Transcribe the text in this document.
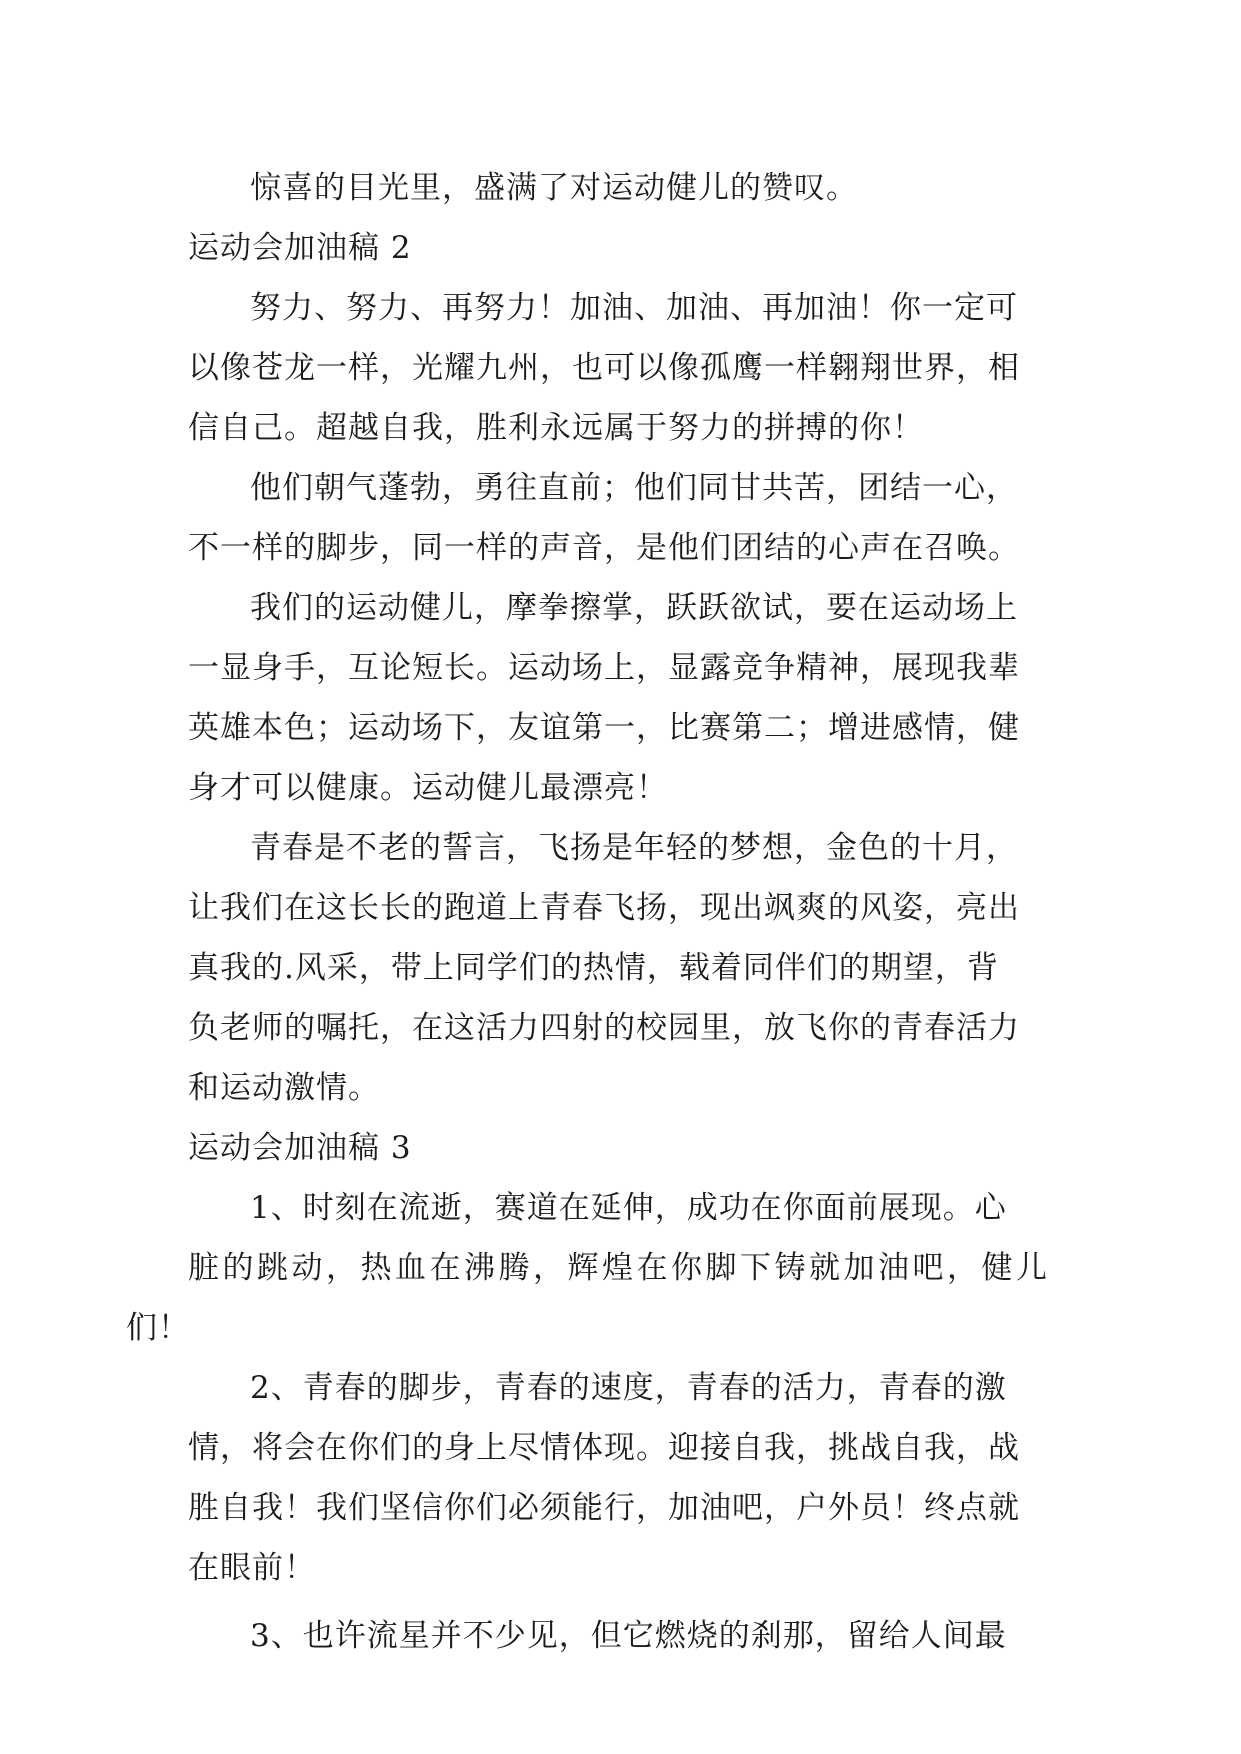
惊喜的目光里，盛满了对运动健儿的赞叹。

运动会加油稿 2

努力、努力、再努力！加油、加油、再加油！你一定可
以像苍龙一样，光耀九州，也可以像孤鹰一样翱翔世界，相
信自己。超越自我，胜利永远属于努力的拼搏的你！

他们朝气蓬勃，勇往直前；他们同甘共苦，团结一心，
不一样的脚步，同一样的声音，是他们团结的心声在召唤。

我们的运动健儿，摩拳擦掌，跃跃欲试，要在运动场上
一显身手，互论短长。运动场上，显露竞争精神，展现我辈
英雄本色；运动场下，友谊第一，比赛第二；增进感情，健
身才可以健康。运动健儿最漂亮！

青春是不老的誓言，飞扬是年轻的梦想，金色的十月，
让我们在这长长的跑道上青春飞扬，现出飒爽的风姿，亮出
真我的.风采，带上同学们的热情，载着同伴们的期望，背
负老师的嘱托，在这活力四射的校园里，放飞你的青春活力
和运动激情。

运动会加油稿 3

1、时刻在流逝，赛道在延伸，成功在你面前展现。心
脏的跳动，热血在沸腾，辉煌在你脚下铸就加油吧，健儿们！

2、青春的脚步，青春的速度，青春的活力，青春的激
情，将会在你们的身上尽情体现。迎接自我，挑战自我，战
胜自我！我们坚信你们必须能行，加油吧，户外员！终点就
在眼前！

3、也许流星并不少见，但它燃烧的刹那，留给人间最
